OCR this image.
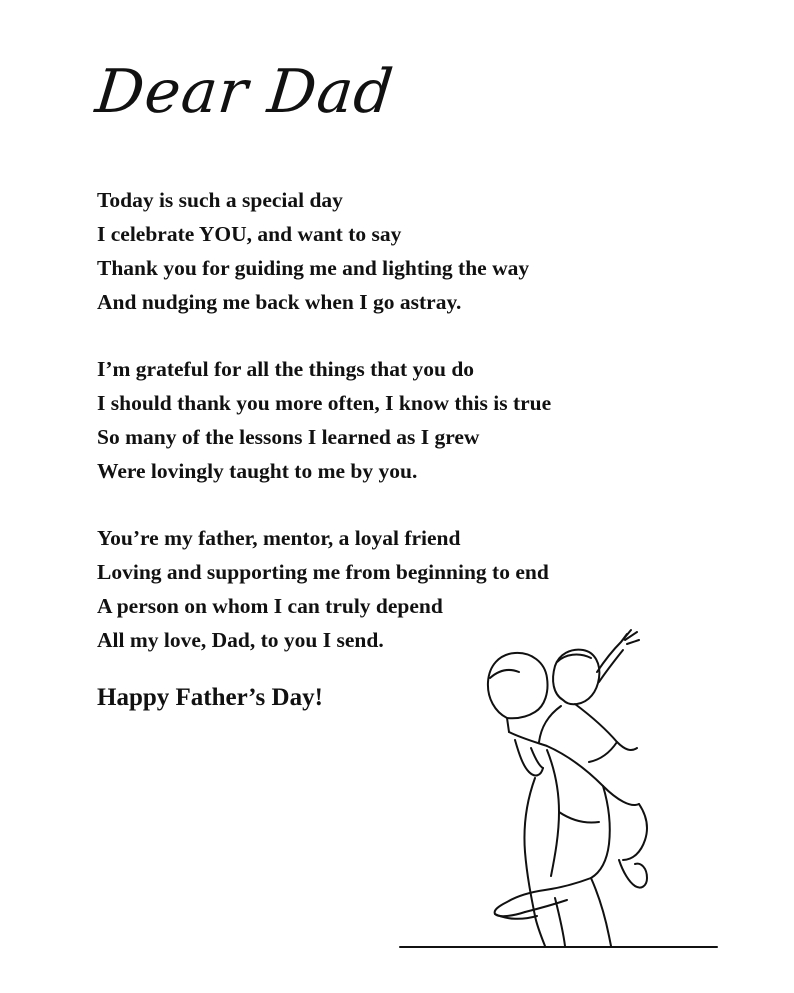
Dear Dad
Today is such a special day
I celebrate YOU, and want to say
Thank you for guiding me and lighting the way
And nudging me back when I go astray.
I’m grateful for all the things that you do
I should thank you more often, I know this is true
So many of the lessons I learned as I grew
Were lovingly taught to me by you.
You’re my father, mentor, a loyal friend
Loving and supporting me from beginning to end
A person on whom I can truly depend
All my love, Dad, to you I send.
Happy Father’s Day!
